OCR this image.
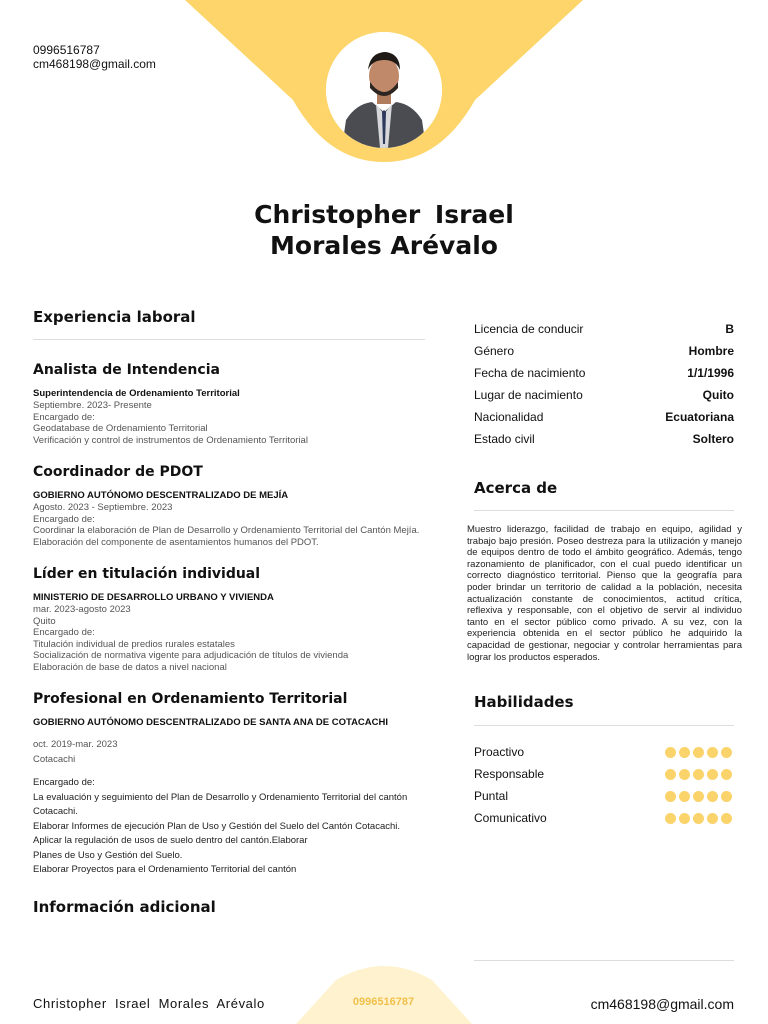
0996516787
cm468198@gmail.com
Christopher Israel
Morales Arévalo
Experiencia laboral
Analista de Intendencia
Superintendencia de Ordenamiento Territorial
Septiembre. 2023- Presente
Encargado de:
Geodatabase de Ordenamiento Territorial
Verificación y control de instrumentos de Ordenamiento Territorial
Coordinador de PDOT
GOBIERNO AUTÓNOMO DESCENTRALIZADO DE MEJÍA
Agosto. 2023 - Septiembre. 2023
Encargado de:
Coordinar la elaboración de Plan de Desarrollo y Ordenamiento Territorial del Cantón Mejía.
Elaboración del componente de asentamientos humanos del PDOT.
Líder en titulación individual
MINISTERIO DE DESARROLLO URBANO Y VIVIENDA
mar. 2023-agosto 2023
Quito
Encargado de:
Titulación individual de predios rurales estatales
Socialización de normativa vigente para adjudicación de títulos de vivienda
Elaboración de base de datos a nivel nacional
Profesional en Ordenamiento Territorial
GOBIERNO AUTÓNOMO DESCENTRALIZADO DE SANTA ANA DE COTACACHI
oct. 2019-mar. 2023
Cotacachi
Encargado de:
La evaluación y seguimiento del Plan de Desarrollo y Ordenamiento Territorial del cantón Cotacachi.
Elaborar Informes de ejecución Plan de Uso y Gestión del Suelo del Cantón Cotacachi.
Aplicar la regulación de usos de suelo dentro del cantón.Elaborar
Planes de Uso y Gestión del Suelo.
Elaborar Proyectos para el Ordenamiento Territorial del cantón
Información adicional
Licencia de conducir	B
Género	Hombre
Fecha de nacimiento	1/1/1996
Lugar de nacimiento	Quito
Nacionalidad	Ecuatoriana
Estado civil	Soltero
Acerca de
Muestro liderazgo, facilidad de trabajo en equipo, agilidad y trabajo bajo presión. Poseo destreza para la utilización y manejo de equipos dentro de todo el ámbito geográfico. Además, tengo razonamiento de planificador, con el cual puedo identificar un correcto diagnóstico territorial. Pienso que la geografía para poder brindar un territorio de calidad a la población, necesita actualización constante de conocimientos, actitud crítica, reflexiva y responsable, con el objetivo de servir al individuo tanto en el sector público como privado. A su vez, con la experiencia obtenida en el sector público he adquirido la capacidad de gestionar, negociar y controlar herramientas para lograr los productos esperados.
Habilidades
Proactivo
Responsable
Puntal
Comunicativo
Christopher Israel Morales Arévalo	0996516787	cm468198@gmail.com
